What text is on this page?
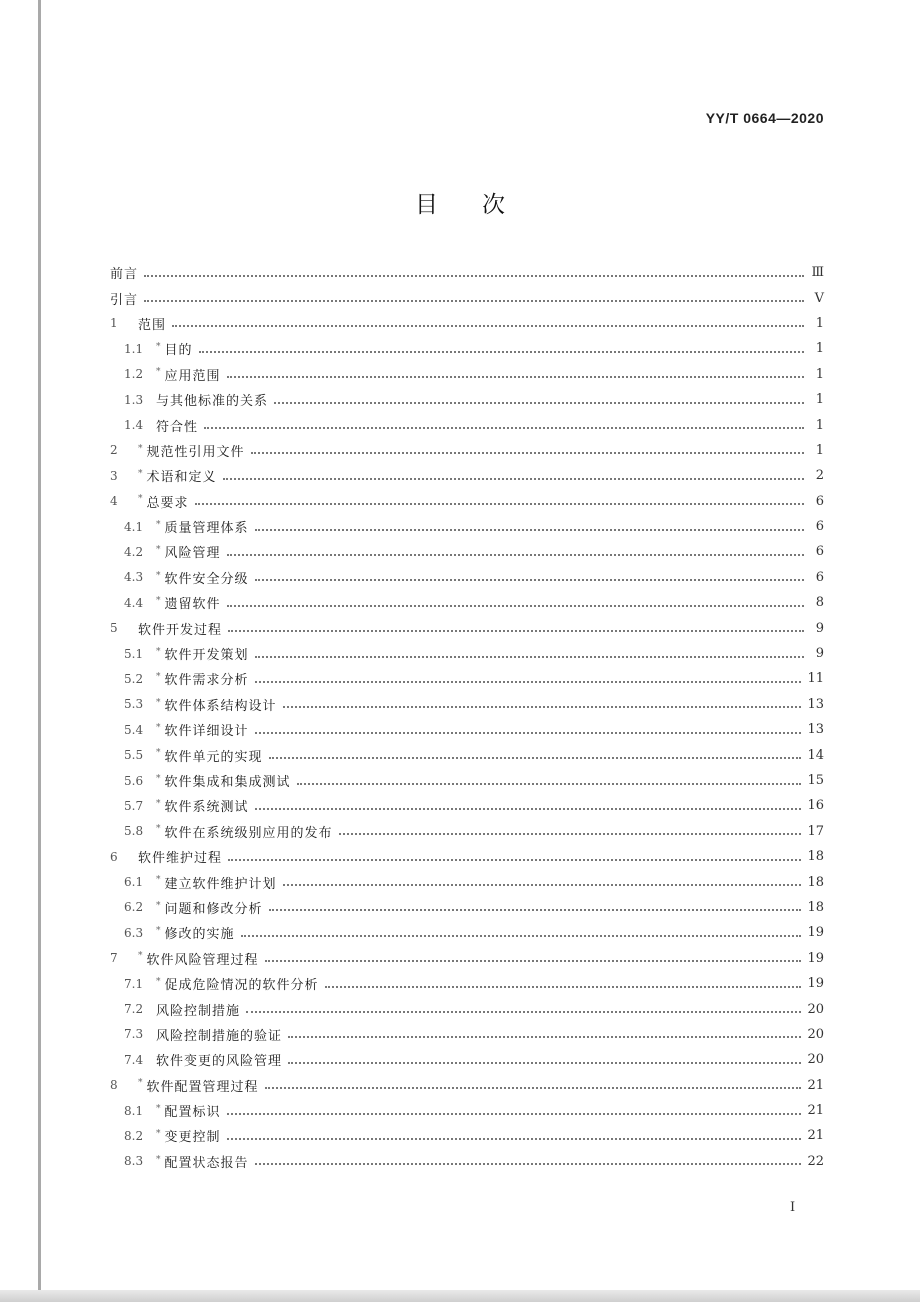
YY/T 0664—2020
目次
前言	Ⅲ
引言	Ⅴ
1	范围	1
1.1	* 目的	1
1.2	* 应用范围	1
1.3 与其他标准的关系	1
1.4 符合性	1
2	* 规范性引用文件	1
3	* 术语和定义	2
4	* 总要求	6
4.1	* 质量管理体系	6
4.2	* 风险管理	6
4.3	* 软件安全分级	6
4.4	* 遗留软件	8
5	软件开发过程	9
5.1	* 软件开发策划	9
5.2	* 软件需求分析	11
5.3	* 软件体系结构设计	13
5.4	* 软件详细设计	13
5.5	* 软件单元的实现	14
5.6	* 软件集成和集成测试	15
5.7	* 软件系统测试	16
5.8	* 软件在系统级别应用的发布	17
6	软件维护过程	18
6.1	* 建立软件维护计划	18
6.2	* 问题和修改分析	18
6.3	* 修改的实施	19
7	* 软件风险管理过程	19
7.1	* 促成危险情况的软件分析	19
7.2 风险控制措施	20
7.3 风险控制措施的验证	20
7.4 软件变更的风险管理	20
8	* 软件配置管理过程	21
8.1	* 配置标识	21
8.2	* 变更控制	21
8.3	* 配置状态报告	22
I
